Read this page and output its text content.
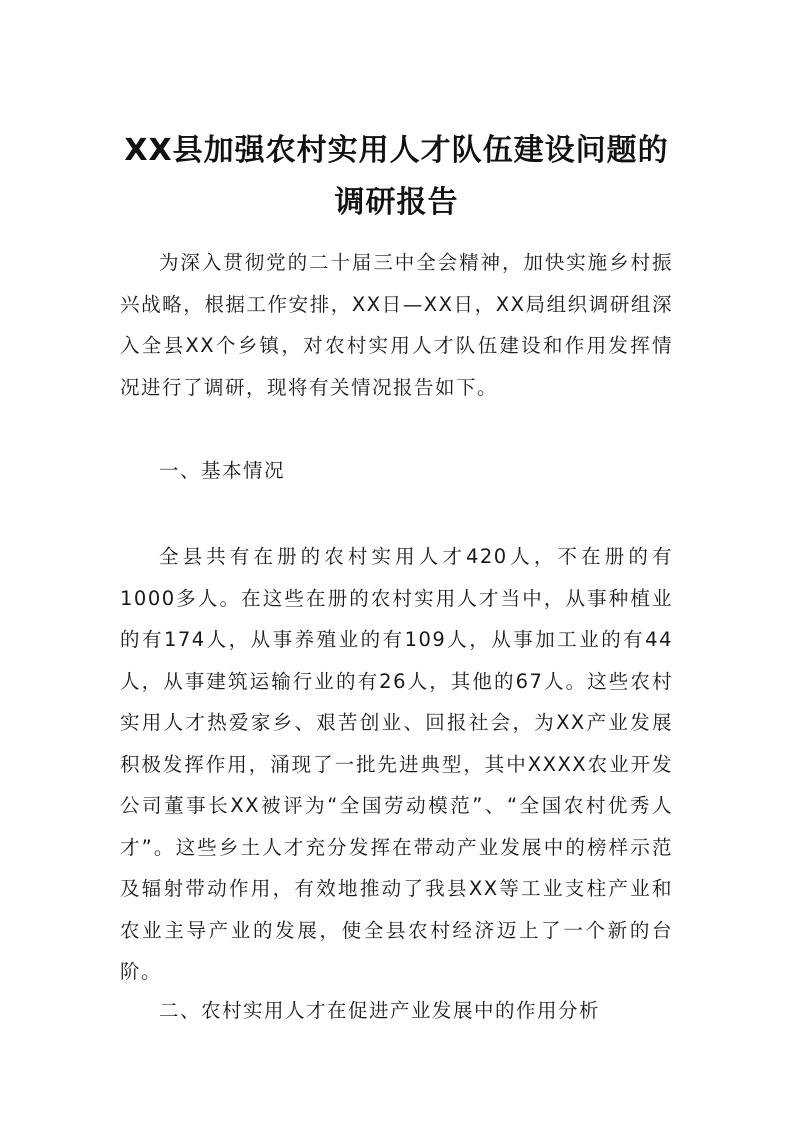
XX县加强农村实用人才队伍建设问题的调研报告

为深入贯彻党的二十届三中全会精神，加快实施乡村振兴战略，根据工作安排，XX日—XX日，XX局组织调研组深入全县XX个乡镇，对农村实用人才队伍建设和作用发挥情况进行了调研，现将有关情况报告如下。

一、基本情况

全县共有在册的农村实用人才420人，不在册的有1000多人。在这些在册的农村实用人才当中，从事种植业的有174人，从事养殖业的有109人，从事加工业的有44人，从事建筑运输行业的有26人，其他的67人。这些农村实用人才热爱家乡、艰苦创业、回报社会，为XX产业发展积极发挥作用，涌现了一批先进典型，其中XXXX农业开发公司董事长XX被评为“全国劳动模范”、“全国农村优秀人才”。这些乡土人才充分发挥在带动产业发展中的榜样示范及辐射带动作用，有效地推动了我县XX等工业支柱产业和农业主导产业的发展，使全县农村经济迈上了一个新的台阶。

二、农村实用人才在促进产业发展中的作用分析
